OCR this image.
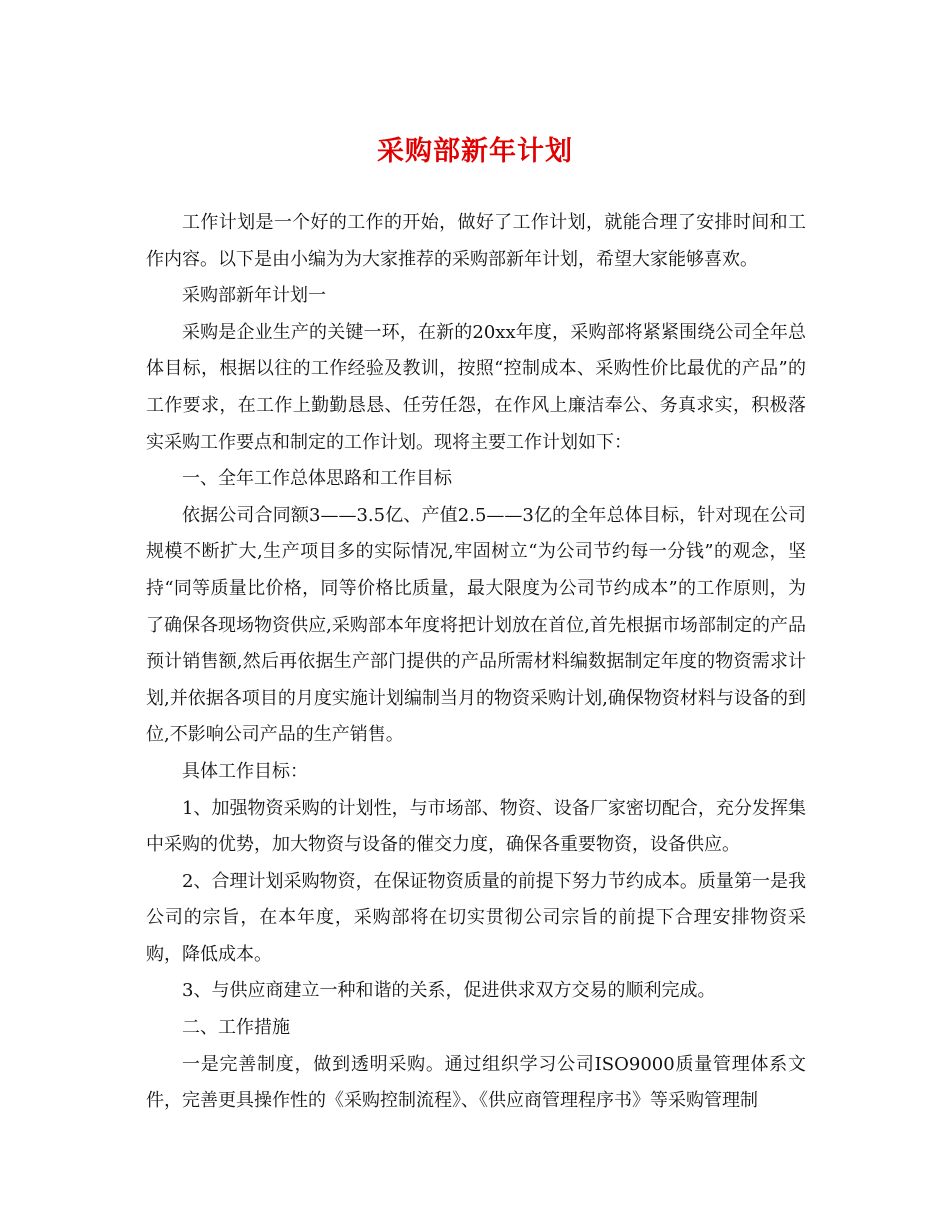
采购部新年计划

工作计划是一个好的工作的开始，做好了工作计划，就能合理了安排时间和工作内容。以下是由小编为为大家推荐的采购部新年计划，希望大家能够喜欢。

采购部新年计划一

采购是企业生产的关键一环，在新的20xx年度，采购部将紧紧围绕公司全年总体目标，根据以往的工作经验及教训，按照“控制成本、采购性价比最优的产品”的工作要求，在工作上勤勤恳恳、任劳任怨，在作风上廉洁奉公、务真求实，积极落实采购工作要点和制定的工作计划。现将主要工作计划如下：

一、全年工作总体思路和工作目标

依据公司合同额3——3.5亿、产值2.5——3亿的全年总体目标，针对现在公司规模不断扩大,生产项目多的实际情况,牢固树立“为公司节约每一分钱”的观念，坚持“同等质量比价格，同等价格比质量，最大限度为公司节约成本”的工作原则，为了确保各现场物资供应,采购部本年度将把计划放在首位,首先根据市场部制定的产品预计销售额,然后再依据生产部门提供的产品所需材料编数据制定年度的物资需求计划,并依据各项目的月度实施计划编制当月的物资采购计划,确保物资材料与设备的到位,不影响公司产品的生产销售。

具体工作目标：

1、加强物资采购的计划性，与市场部、物资、设备厂家密切配合，充分发挥集中采购的优势，加大物资与设备的催交力度，确保各重要物资，设备供应。

2、合理计划采购物资，在保证物资质量的前提下努力节约成本。质量第一是我公司的宗旨，在本年度，采购部将在切实贯彻公司宗旨的前提下合理安排物资采购，降低成本。

3、与供应商建立一种和谐的关系，促进供求双方交易的顺利完成。

二、工作措施

一是完善制度，做到透明采购。通过组织学习公司ISO9000质量管理体系文件，完善更具操作性的《采购控制流程》、《供应商管理程序书》等采购管理制
